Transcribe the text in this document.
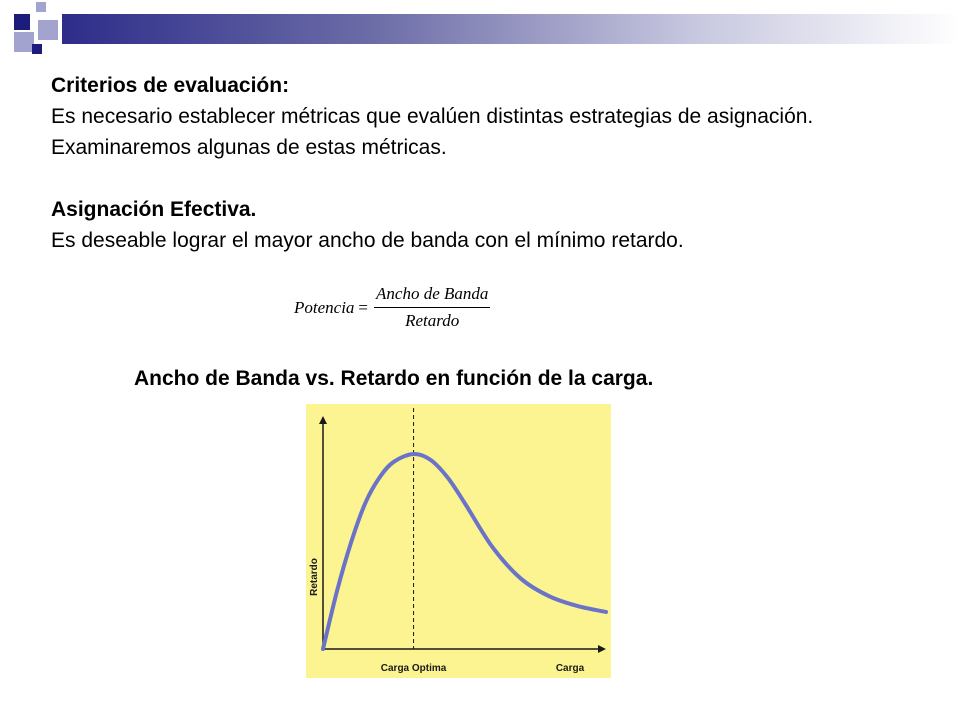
Criterios de evaluación:

Es necesario establecer métricas que evalúen distintas estrategias de asignación. Examinaremos algunas de estas métricas.

Asignación Efectiva.

Es deseable lograr el mayor ancho de banda con el mínimo retardo.

Potencia = $\frac{\text{Ancho de Banda}}{\text{Retardo}}$
Ancho de Banda vs. Retardo en función de la carga.
Retardo
Carga Optima	Carga
